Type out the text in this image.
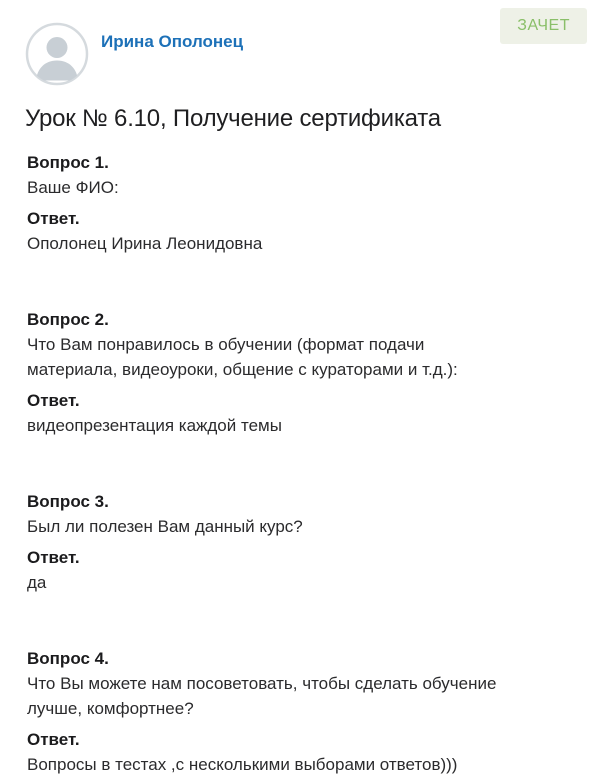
Ирина Ополонец
ЗАЧЕТ
Урок № 6.10, Получение сертификата
Вопрос 1.
Ваше ФИО:
Ответ.
Ополонец Ирина Леонидовна
Вопрос 2.
Что Вам понравилось в обучении (формат подачи материала, видеоуроки, общение с кураторами и т.д.):
Ответ.
видеопрезентация каждой темы
Вопрос 3.
Был ли полезен Вам данный курс?
Ответ.
да
Вопрос 4.
Что Вы можете нам посоветовать, чтобы сделать обучение лучше, комфортнее?
Ответ.
Вопросы в тестах ,с несколькими выборами ответов)))
